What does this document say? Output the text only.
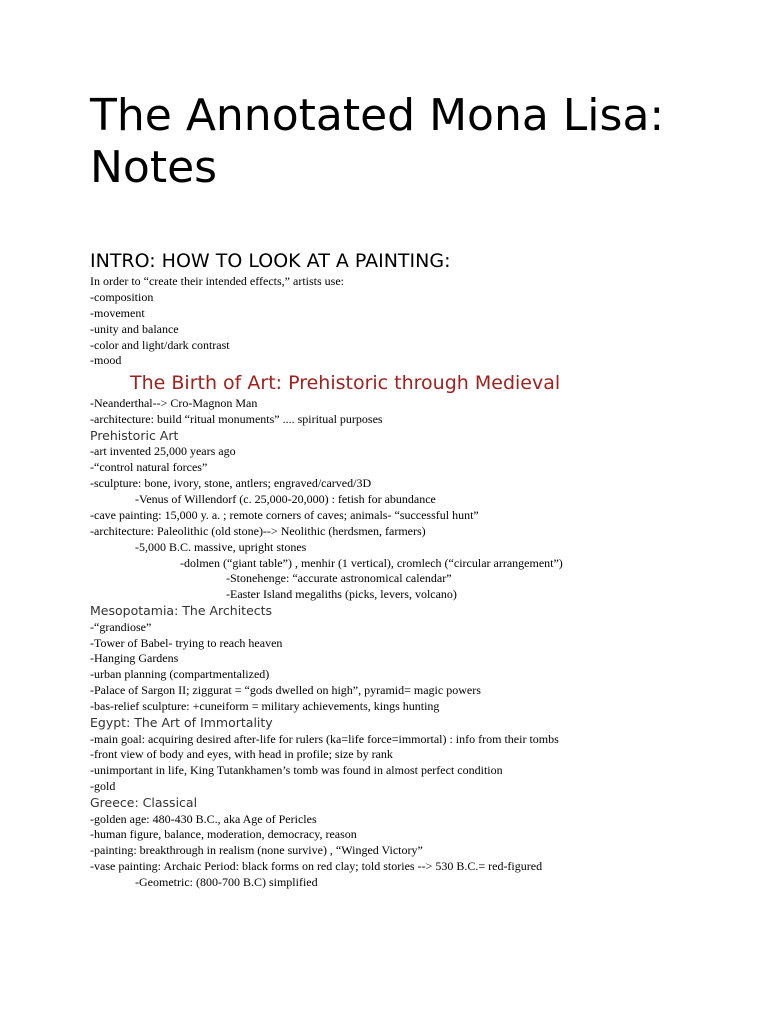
The Annotated Mona Lisa: Notes
INTRO: HOW TO LOOK AT A PAINTING:
In order to “create their intended effects,” artists use:
-composition
-movement
-unity and balance
-color and light/dark contrast
-mood
The Birth of Art: Prehistoric through Medieval
-Neanderthal--> Cro-Magnon Man
-architecture: build “ritual monuments” .... spiritual purposes
Prehistoric Art
-art invented 25,000 years ago
-“control natural forces”
-sculpture: bone, ivory, stone, antlers; engraved/carved/3D
-Venus of Willendorf (c. 25,000-20,000) : fetish for abundance
-cave painting: 15,000 y. a. ; remote corners of caves; animals- “successful hunt”
-architecture: Paleolithic (old stone)--> Neolithic (herdsmen, farmers)
-5,000 B.C. massive, upright stones
-dolmen (“giant table”) , menhir (1 vertical), cromlech (“circular arrangement”)
-Stonehenge: “accurate astronomical calendar”
-Easter Island megaliths (picks, levers, volcano)
Mesopotamia: The Architects
-“grandiose”
-Tower of Babel- trying to reach heaven
-Hanging Gardens
-urban planning (compartmentalized)
-Palace of Sargon II; ziggurat = “gods dwelled on high”, pyramid= magic powers
-bas-relief sculpture: +cuneiform = military achievements, kings hunting
Egypt: The Art of Immortality
-main goal: acquiring desired after-life for rulers (ka=life force=immortal) : info from their tombs
-front view of body and eyes, with head in profile; size by rank
-unimportant in life, King Tutankhamen’s tomb was found in almost perfect condition
-gold
Greece: Classical
-golden age: 480-430 B.C., aka Age of Pericles
-human figure, balance, moderation, democracy, reason
-painting: breakthrough in realism (none survive) , “Winged Victory”
-vase painting: Archaic Period: black forms on red clay; told stories --> 530 B.C.= red-figured
-Geometric: (800-700 B.C) simplified
